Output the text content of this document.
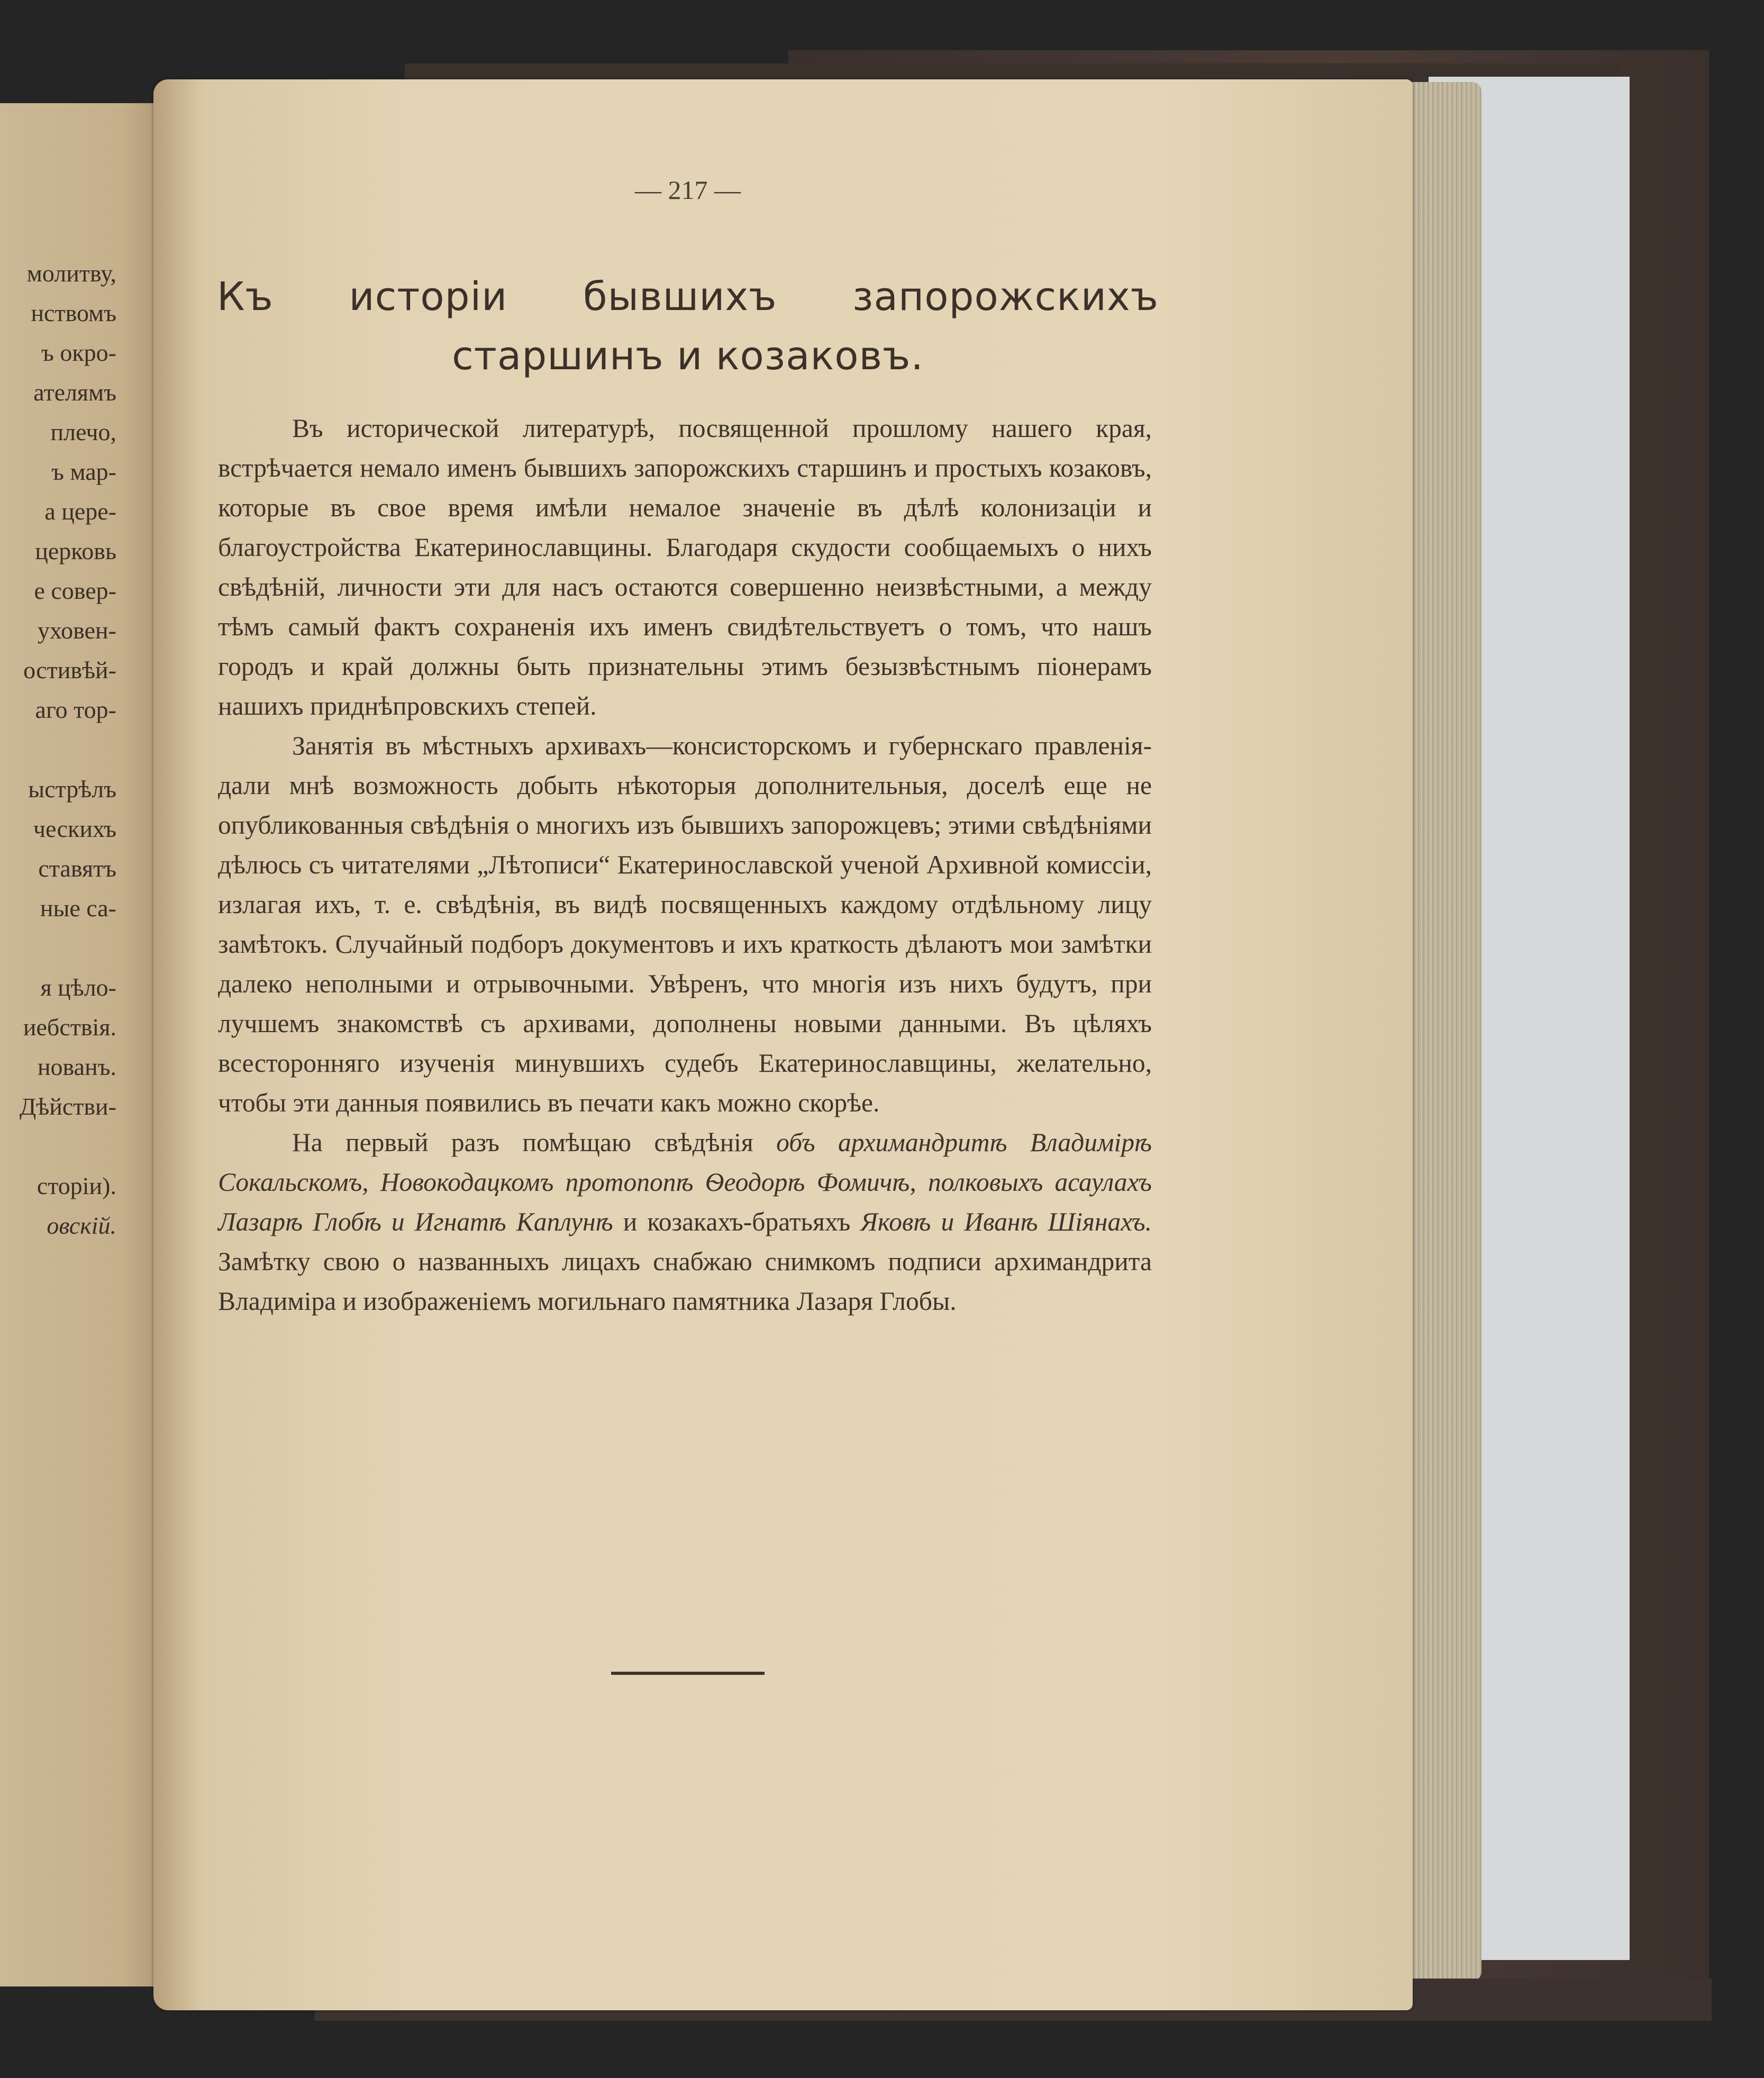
молитву,
нствомъ
ъ окро-
ателямъ
плечо,
ъ мар-
а цере-
церковь
е совер-
уховен-
остивѣй-
аго тор-
ыстрѣлъ
ческихъ
ставятъ
ные са-
я цѣло-
иебствія.
нованъ.
Дѣйстви-
сторіи).
овскій.
— 217 —
Къ исторіи бывшихъ запорожскихъ старшинъ и козаковъ.

Въ исторической литературѣ, посвященной прошлому нашего края, встрѣчается немало именъ бывшихъ запорожскихъ старшинъ и простыхъ козаковъ, которые въ свое время имѣли немалое значеніе въ дѣлѣ колонизаціи и благоустройства Екатеринославщины. Благодаря скудости сообщаемыхъ о нихъ свѣдѣній, личности эти для насъ остаются совершенно неизвѣстными, а между тѣмъ самый фактъ сохраненія ихъ именъ свидѣтельствуетъ о томъ, что нашъ городъ и край должны быть признательны этимъ безызвѣстнымъ піонерамъ нашихъ приднѣпровскихъ степей.

Занятія въ мѣстныхъ архивахъ—консисторскомъ и губернскаго правленія-дали мнѣ возможность добыть нѣкоторыя дополнительныя, доселѣ еще не опубликованныя свѣдѣнія о многихъ изъ бывшихъ запорожцевъ; этими свѣдѣніями дѣлюсь съ читателями „Лѣтописи“ Екатеринославской ученой Архивной комиссіи, излагая ихъ, т. е. свѣдѣнія, въ видѣ посвященныхъ каждому отдѣльному лицу замѣтокъ. Случайный подборъ документовъ и ихъ краткость дѣлаютъ мои замѣтки далеко неполными и отрывочными. Увѣренъ, что многія изъ нихъ будутъ, при лучшемъ знакомствѣ съ архивами, дополнены новыми данными. Въ цѣляхъ всесторонняго изученія минувшихъ судебъ Екатеринославщины, желательно, чтобы эти данныя появились въ печати какъ можно скорѣе.

На первый разъ помѣщаю свѣдѣнія объ архимандритѣ Владимірѣ Сокальскомъ, Новокодацкомъ протопопѣ Ѳеодорѣ Фомичѣ, полковыхъ асаулахъ Лазарѣ Глобѣ и Игнатѣ Каплунѣ и козакахъ-братьяхъ Яковѣ и Иванѣ Шіянахъ. Замѣтку свою о названныхъ лицахъ снабжаю снимкомъ подписи архимандрита Владиміра и изображеніемъ могильнаго памятника Лазаря Глобы.
